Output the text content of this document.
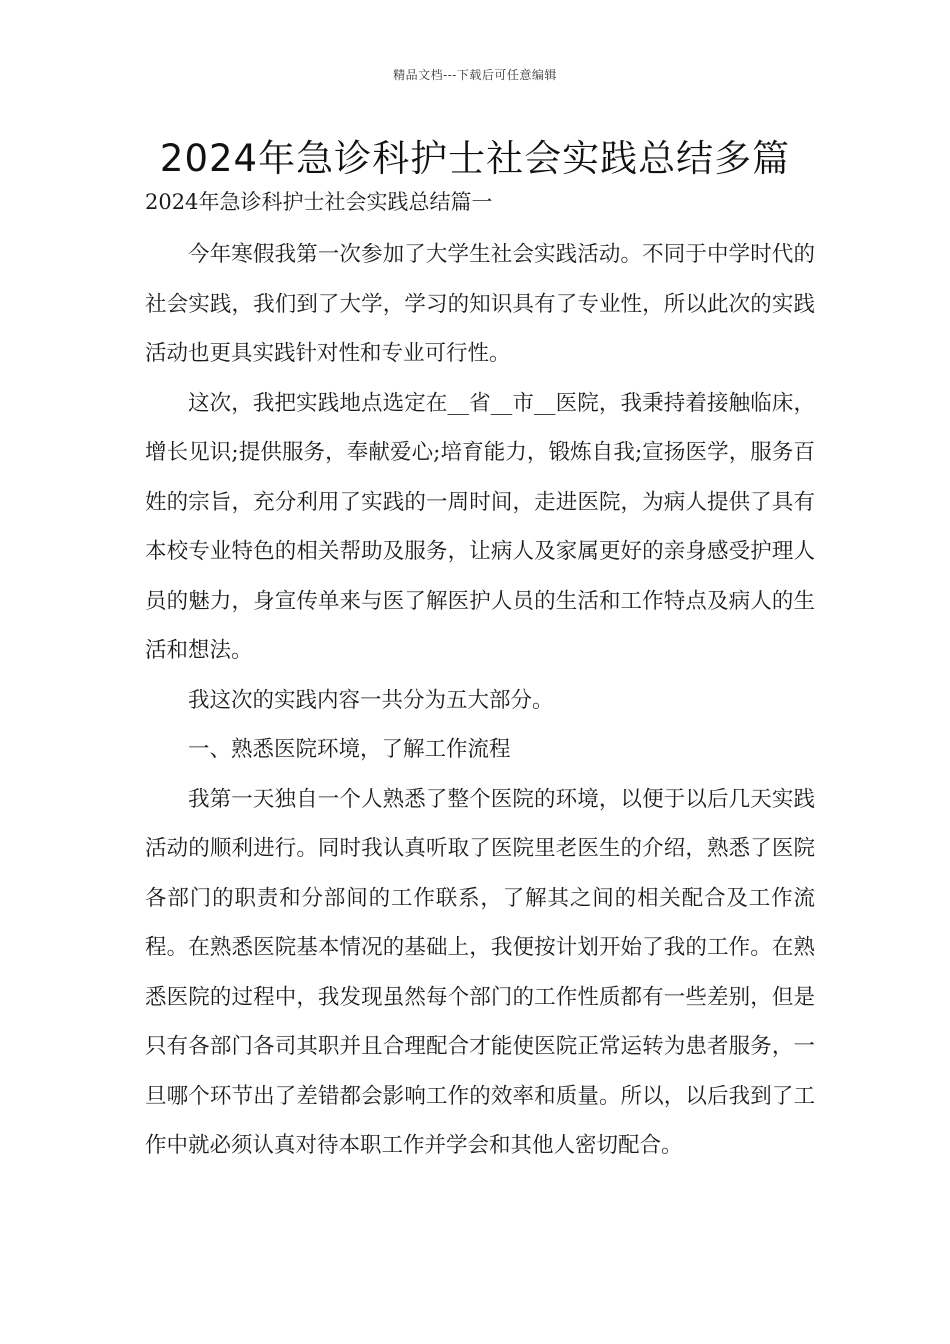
精品文档---下载后可任意编辑
2024年急诊科护士社会实践总结多篇
2024年急诊科护士社会实践总结篇一

今年寒假我第一次参加了大学生社会实践活动。不同于中学时代的社会实践，我们到了大学，学习的知识具有了专业性，所以此次的实践活动也更具实践针对性和专业可行性。

这次，我把实践地点选定在__省__市__医院，我秉持着接触临床，增长见识;提供服务，奉献爱心;培育能力，锻炼自我;宣扬医学，服务百姓的宗旨，充分利用了实践的一周时间，走进医院，为病人提供了具有本校专业特色的相关帮助及服务，让病人及家属更好的亲身感受护理人员的魅力，身宣传单来与医了解医护人员的生活和工作特点及病人的生活和想法。

我这次的实践内容一共分为五大部分。

一、熟悉医院环境，了解工作流程

我第一天独自一个人熟悉了整个医院的环境，以便于以后几天实践活动的顺利进行。同时我认真听取了医院里老医生的介绍，熟悉了医院各部门的职责和分部间的工作联系，了解其之间的相关配合及工作流程。在熟悉医院基本情况的基础上，我便按计划开始了我的工作。在熟悉医院的过程中，我发现虽然每个部门的工作性质都有一些差别，但是只有各部门各司其职并且合理配合才能使医院正常运转为患者服务，一旦哪个环节出了差错都会影响工作的效率和质量。所以，以后我到了工作中就必须认真对待本职工作并学会和其他人密切配合。
